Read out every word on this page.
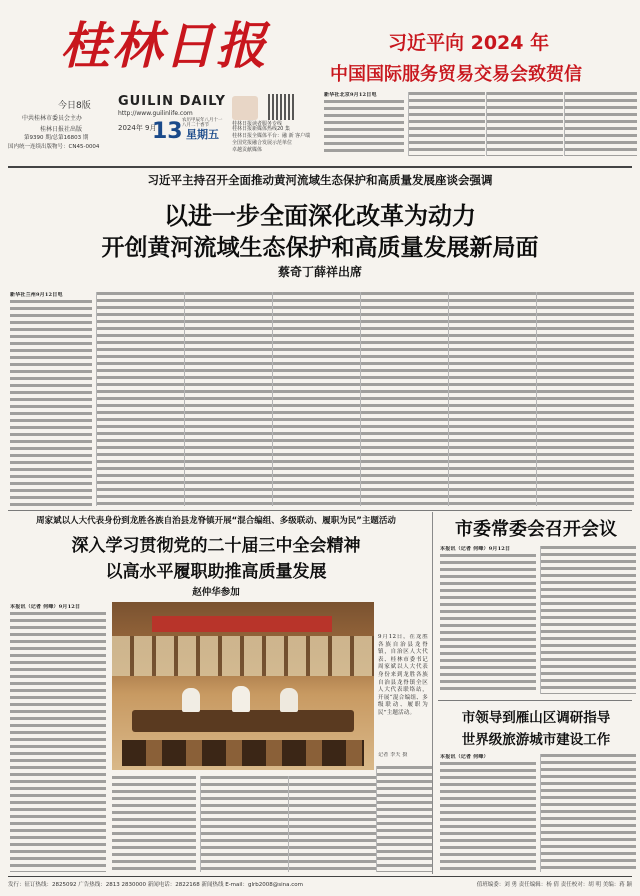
桂林日报
今日8版
中共桂林市委员会主办
桂林日报社出版
第9390 期/总第16803 期
国内统一连续出版物号：CN45-0004
GUILIN DAILY
http://www.guilinlife.com
2024年 9月
13 星期五
农历甲辰年八月十一 八月二十香节
桂林日报新媒体热线20 集
桂林日报全媒体平台：融 新 客户端
全国党报融合发展示范单位
卓越贡献媒体
桂林日报读者服务专线
习近平向 2024 年
中国国际服务贸易交易会致贺信
新华社北京9月12日电
习近平主持召开全面推动黄河流域生态保护和高质量发展座谈会强调
以进一步全面深化改革为动力
开创黄河流域生态保护和高质量发展新局面
蔡奇丁薛祥出席
新华社兰州9月12日电
周家斌以人大代表身份到龙胜各族自治县龙脊镇开展“混合编组、多级联动、履职为民”主题活动
深入学习贯彻党的二十届三中全会精神
以高水平履职助推高质量发展
赵仲华参加
本报讯（记者 何峰）9月12日
9月12日，在龙胜各族自治县龙脊镇，自治区人大代表、桂林市委书记周家斌以人大代表身份来到龙胜各族自治县龙脊镇全区人大代表联络站，开展“混合编组、多级联动、履职为民”主题活动。
记者 李天 摄
市委常委会召开会议
本报讯（记者 何峰）9月12日
市领导到雁山区调研指导
世界级旅游城市建设工作
本报讯（记者 何峰）
发行：征订热线：2825092 广告热线：2813 2830000 新闻电话：2822168 新闻热线 E-mail：glrb2008@sina.com	值班编委：刘 勇 责任编辑：杨 倩 责任校对：胡 明 美编：蒋 颖
